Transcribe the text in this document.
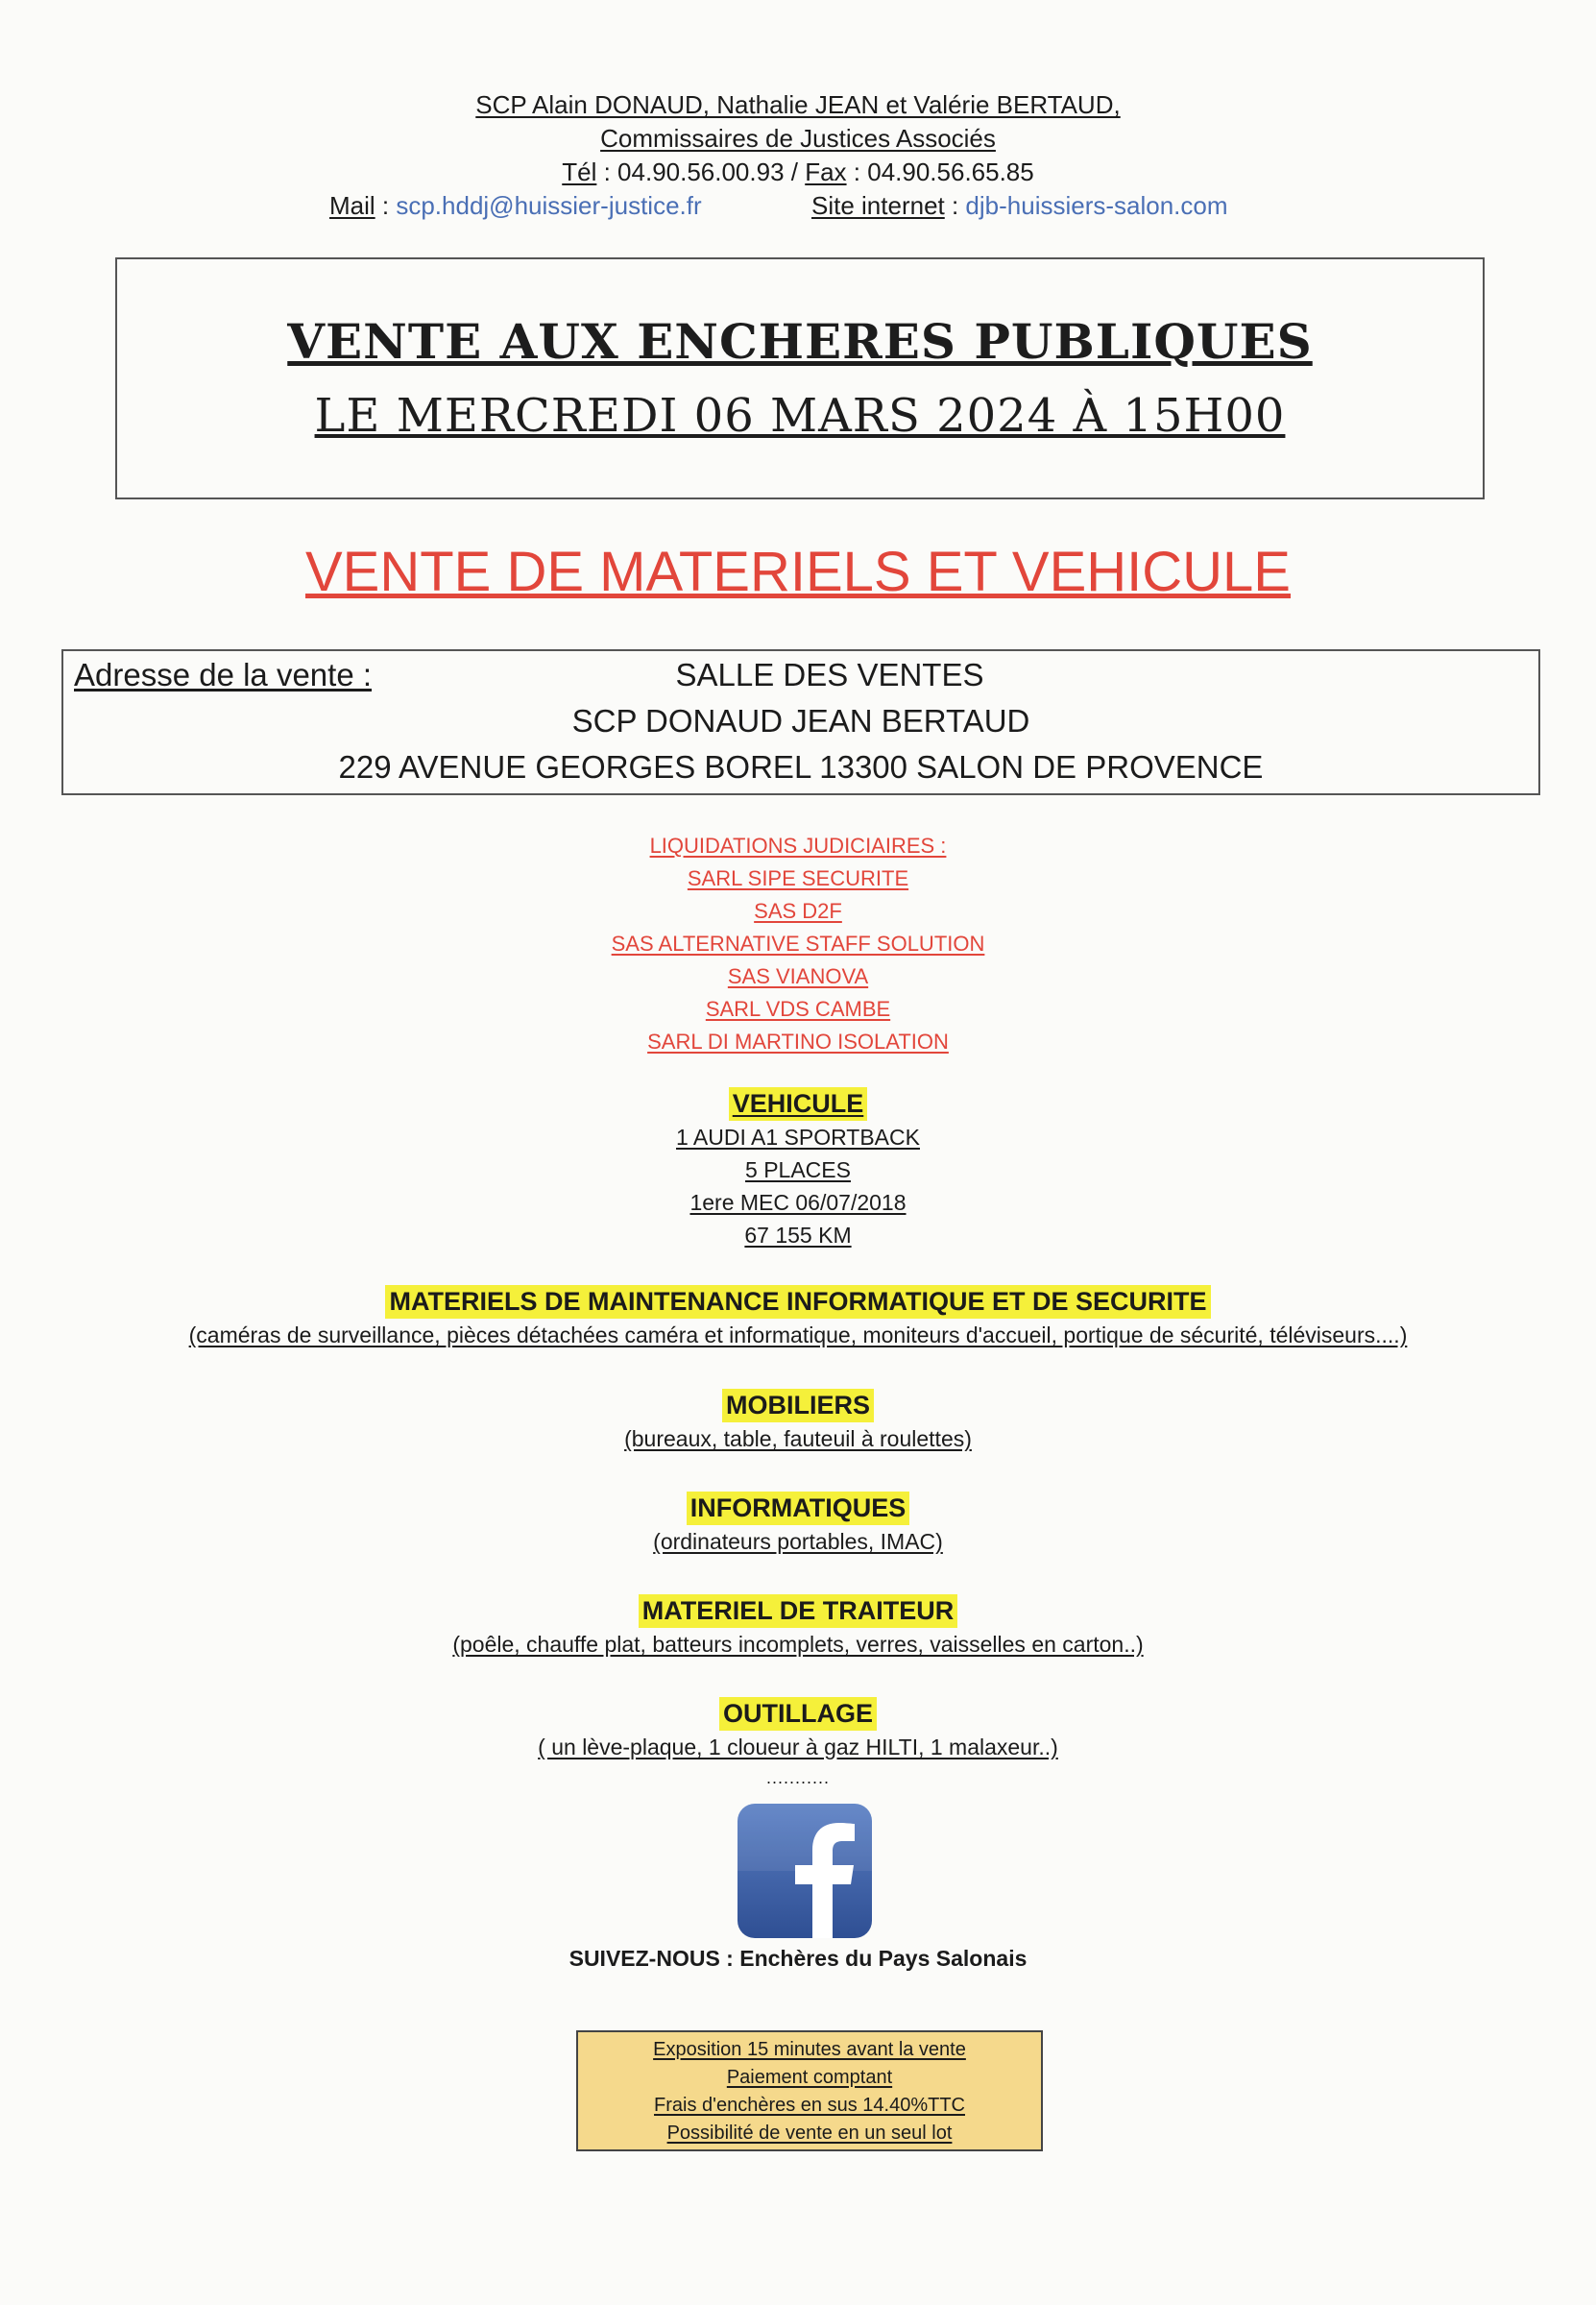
SCP Alain DONAUD, Nathalie JEAN et Valérie BERTAUD,
Commissaires de Justices Associés
Tél : 04.90.56.00.93 / Fax : 04.90.56.65.85
Mail : scp.hddj@huissier-justice.fr	Site internet : djb-huissiers-salon.com
VENTE AUX ENCHERES PUBLIQUES
LE MERCREDI 06 MARS 2024 À 15H00
VENTE DE MATERIELS ET VEHICULE
Adresse de la vente :	SALLE DES VENTES
SCP DONAUD JEAN BERTAUD
229 AVENUE GEORGES BOREL 13300 SALON DE PROVENCE
LIQUIDATIONS JUDICIAIRES :
SARL SIPE SECURITE
SAS D2F
SAS ALTERNATIVE STAFF SOLUTION
SAS VIANOVA
SARL VDS CAMBE
SARL DI MARTINO ISOLATION
VEHICULE
1 AUDI A1 SPORTBACK
5 PLACES
1ere MEC 06/07/2018
67 155 KM
MATERIELS DE MAINTENANCE INFORMATIQUE ET DE SECURITE
(caméras de surveillance, pièces détachées caméra et informatique, moniteurs d'accueil, portique de sécurité, téléviseurs....)
MOBILIERS
(bureaux, table, fauteuil à roulettes)
INFORMATIQUES
(ordinateurs portables, IMAC)
MATERIEL DE TRAITEUR
(poêle, chauffe plat, batteurs incomplets, verres, vaisselles en carton..)
OUTILLAGE
( un lève-plaque, 1 cloueur à gaz HILTI, 1 malaxeur..)
...........
SUIVEZ-NOUS : Enchères du Pays Salonais
Exposition 15 minutes avant la vente
Paiement comptant
Frais d'enchères en sus 14.40%TTC
Possibilité de vente en un seul lot
